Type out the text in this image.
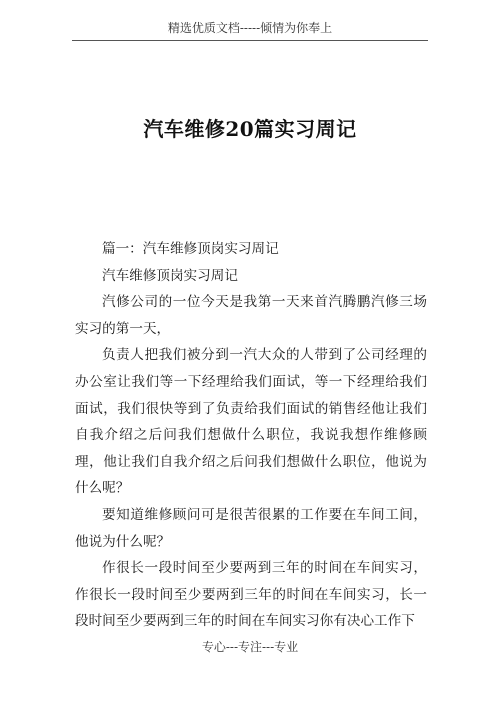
精选优质文档-----倾情为你奉上
汽车维修20篇实习周记

篇一：汽车维修顶岗实习周记

汽车维修顶岗实习周记

汽修公司的一位今天是我第一天来首汽腾鹏汽修三场实习的第一天，

负责人把我们被分到一汽大众的人带到了公司经理的办公室让我们等一下经理给我们面试，等一下经理给我们面试，我们很快等到了负责给我们面试的销售经他让我们自我介绍之后问我们想做什么职位，我说我想作维修顾理，他让我们自我介绍之后问我们想做什么职位，他说为什么呢？

要知道维修顾问可是很苦很累的工作要在车间工间，他说为什么呢？

作很长一段时间至少要两到三年的时间在车间实习，作很长一段时间至少要两到三年的时间在车间实习，长一段时间至少要两到三年的时间在车间实习你有决心工作下

专心---专注---专业
